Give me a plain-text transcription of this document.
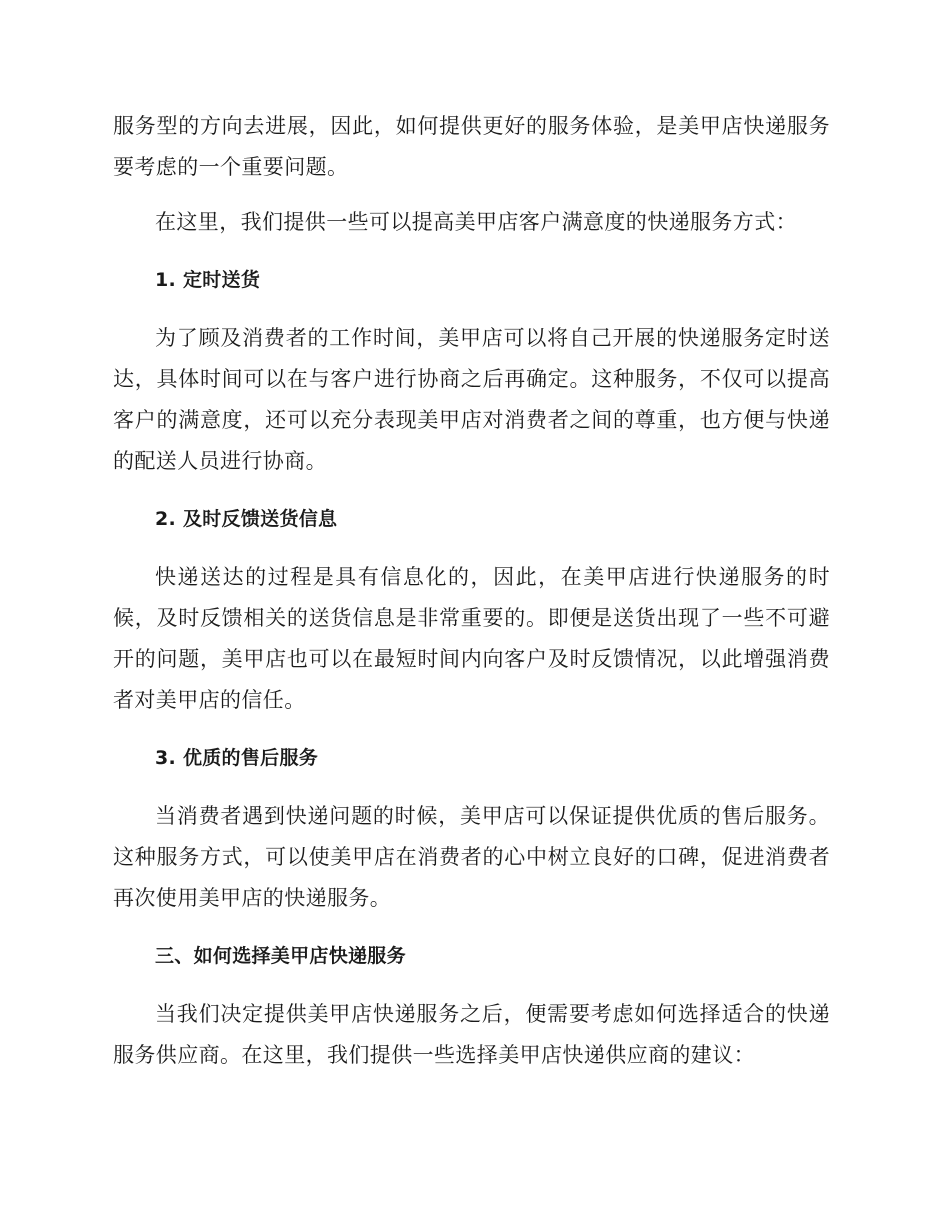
服务型的方向去进展，因此，如何提供更好的服务体验，是美甲店快递服务要考虑的一个重要问题。

在这里，我们提供一些可以提高美甲店客户满意度的快递服务方式：

1. 定时送货

为了顾及消费者的工作时间，美甲店可以将自己开展的快递服务定时送达，具体时间可以在与客户进行协商之后再确定。这种服务，不仅可以提高客户的满意度，还可以充分表现美甲店对消费者之间的尊重，也方便与快递的配送人员进行协商。

2. 及时反馈送货信息

快递送达的过程是具有信息化的，因此，在美甲店进行快递服务的时候，及时反馈相关的送货信息是非常重要的。即便是送货出现了一些不可避开的问题，美甲店也可以在最短时间内向客户及时反馈情况，以此增强消费者对美甲店的信任。

3. 优质的售后服务

当消费者遇到快递问题的时候，美甲店可以保证提供优质的售后服务。这种服务方式，可以使美甲店在消费者的心中树立良好的口碑，促进消费者再次使用美甲店的快递服务。

三、如何选择美甲店快递服务

当我们决定提供美甲店快递服务之后，便需要考虑如何选择适合的快递服务供应商。在这里，我们提供一些选择美甲店快递供应商的建议：
